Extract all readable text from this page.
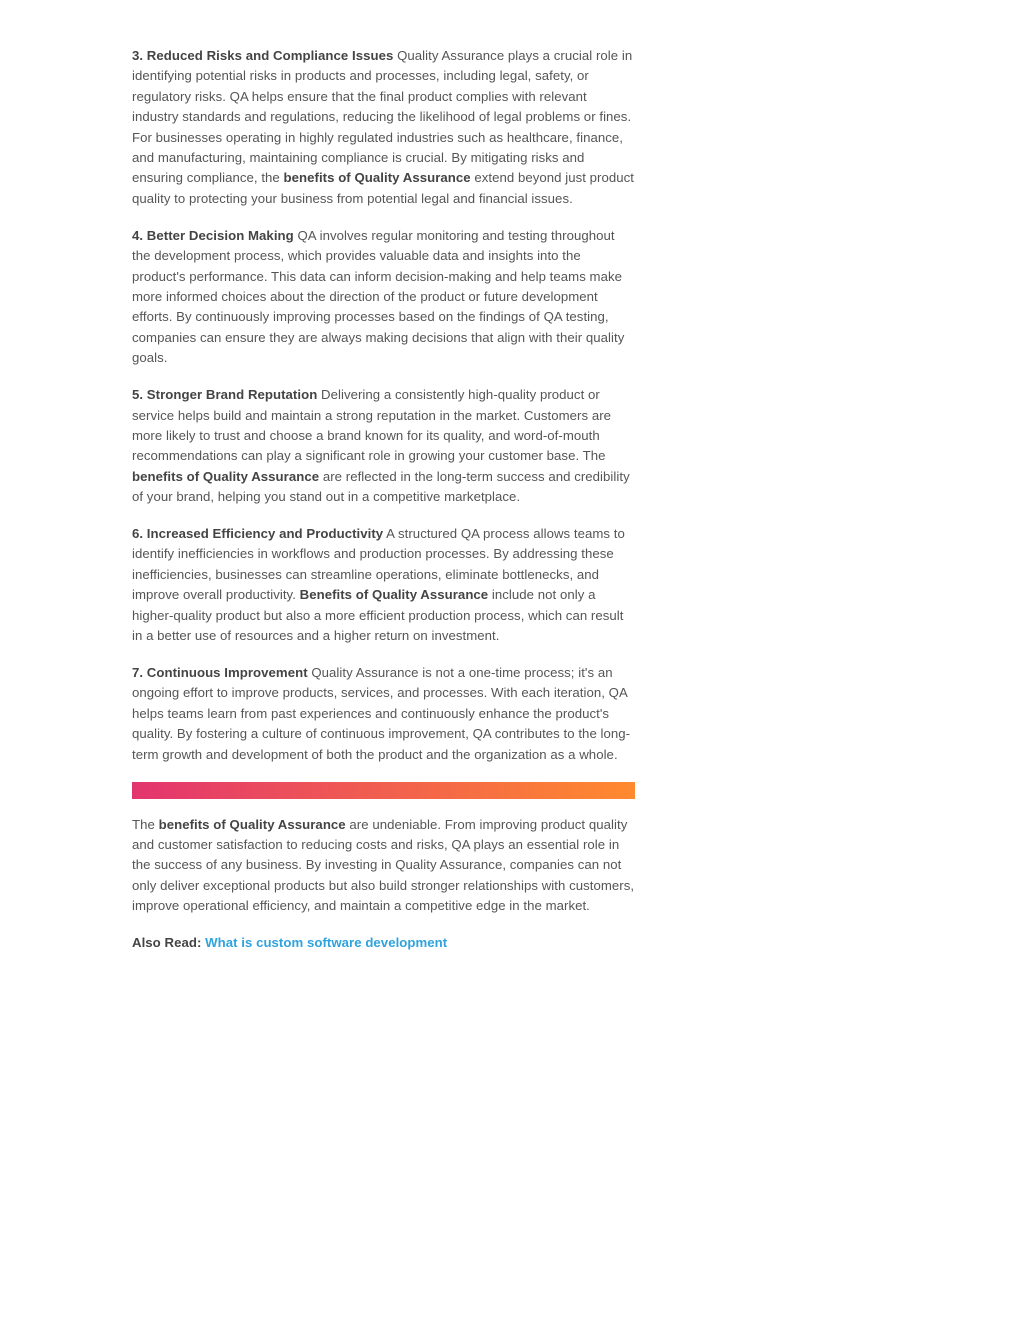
3. Reduced Risks and Compliance Issues Quality Assurance plays a crucial role in identifying potential risks in products and processes, including legal, safety, or regulatory risks. QA helps ensure that the final product complies with relevant industry standards and regulations, reducing the likelihood of legal problems or fines. For businesses operating in highly regulated industries such as healthcare, finance, and manufacturing, maintaining compliance is crucial. By mitigating risks and ensuring compliance, the benefits of Quality Assurance extend beyond just product quality to protecting your business from potential legal and financial issues.

4. Better Decision Making QA involves regular monitoring and testing throughout the development process, which provides valuable data and insights into the product's performance. This data can inform decision-making and help teams make more informed choices about the direction of the product or future development efforts. By continuously improving processes based on the findings of QA testing, companies can ensure they are always making decisions that align with their quality goals.

5. Stronger Brand Reputation Delivering a consistently high-quality product or service helps build and maintain a strong reputation in the market. Customers are more likely to trust and choose a brand known for its quality, and word-of-mouth recommendations can play a significant role in growing your customer base. The benefits of Quality Assurance are reflected in the long-term success and credibility of your brand, helping you stand out in a competitive marketplace.

6. Increased Efficiency and Productivity A structured QA process allows teams to identify inefficiencies in workflows and production processes. By addressing these inefficiencies, businesses can streamline operations, eliminate bottlenecks, and improve overall productivity. Benefits of Quality Assurance include not only a higher-quality product but also a more efficient production process, which can result in a better use of resources and a higher return on investment.

7. Continuous Improvement Quality Assurance is not a one-time process; it's an ongoing effort to improve products, services, and processes. With each iteration, QA helps teams learn from past experiences and continuously enhance the product's quality. By fostering a culture of continuous improvement, QA contributes to the long-term growth and development of both the product and the organization as a whole.

The benefits of Quality Assurance are undeniable. From improving product quality and customer satisfaction to reducing costs and risks, QA plays an essential role in the success of any business. By investing in Quality Assurance, companies can not only deliver exceptional products but also build stronger relationships with customers, improve operational efficiency, and maintain a competitive edge in the market.

Also Read: What is custom software development
